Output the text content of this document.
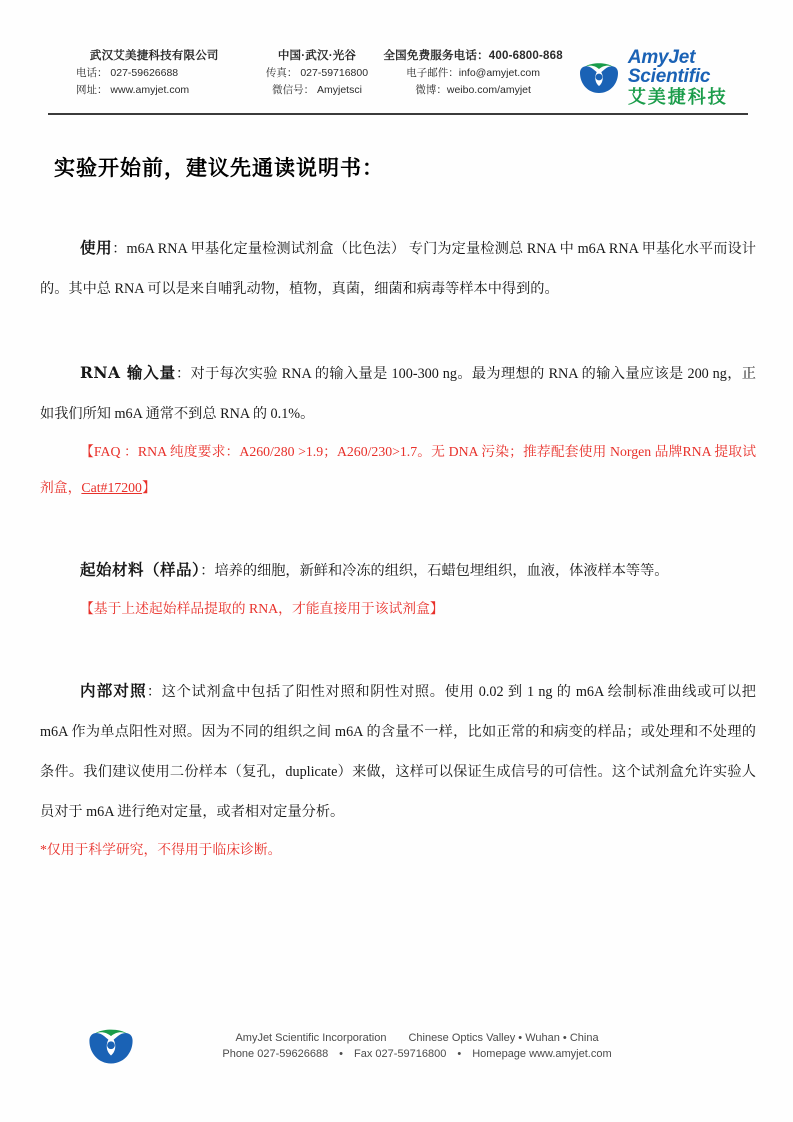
武汉艾美捷科技有限公司
电话： 027-59626688
网址： www.amyjet.com
中国·武汉·光谷
传真： 027-59716800
微信号： Amyjetsci
全国免费服务电话：400-6800-868
电子邮件：info@amyjet.com
微博：weibo.com/amyjet
AmyJet Scientific
艾美捷科技
实验开始前，建议先通读说明书：

使用：m6A RNA 甲基化定量检测试剂盒（比色法） 专门为定量检测总 RNA 中 m6A RNA 甲基化水平而设计的。其中总 RNA 可以是来自哺乳动物，植物，真菌，细菌和病毒等样本中得到的。

RNA 输入量：对于每次实验 RNA 的输入量是 100-300 ng。最为理想的 RNA 的输入量应该是 200 ng，正 如我们所知 m6A 通常不到总 RNA 的 0.1%。

【FAQ ：RNA 纯度要求：A260/280 >1.9；A260/230>1.7。无 DNA 污染；推荐配套使用 Norgen 品牌RNA 提取试剂盒，Cat#17200】

起始材料（样品）：培养的细胞，新鲜和冷冻的组织，石蜡包埋组织，血液，体液样本等等。

【基于上述起始样品提取的 RNA，才能直接用于该试剂盒】

内部对照：这个试剂盒中包括了阳性对照和阴性对照。使用 0.02 到 1 ng 的 m6A 绘制标准曲线或可以把 m6A 作为单点阳性对照。因为不同的组织之间 m6A 的含量不一样，比如正常的和病变的样品；或处理和不处理的条件。我们建议使用二份样本（复孔，duplicate）来做，这样可以保证生成信号的可信性。这个试剂盒允许实验人员对于 m6A 进行绝对定量，或者相对定量分析。

*仅用于科学研究，不得用于临床诊断。

AmyJet Scientific Incorporation　　Chinese Optics Valley • Wuhan • China
Phone 027-59626688　•　Fax 027-59716800　•　Homepage www.amyjet.com
